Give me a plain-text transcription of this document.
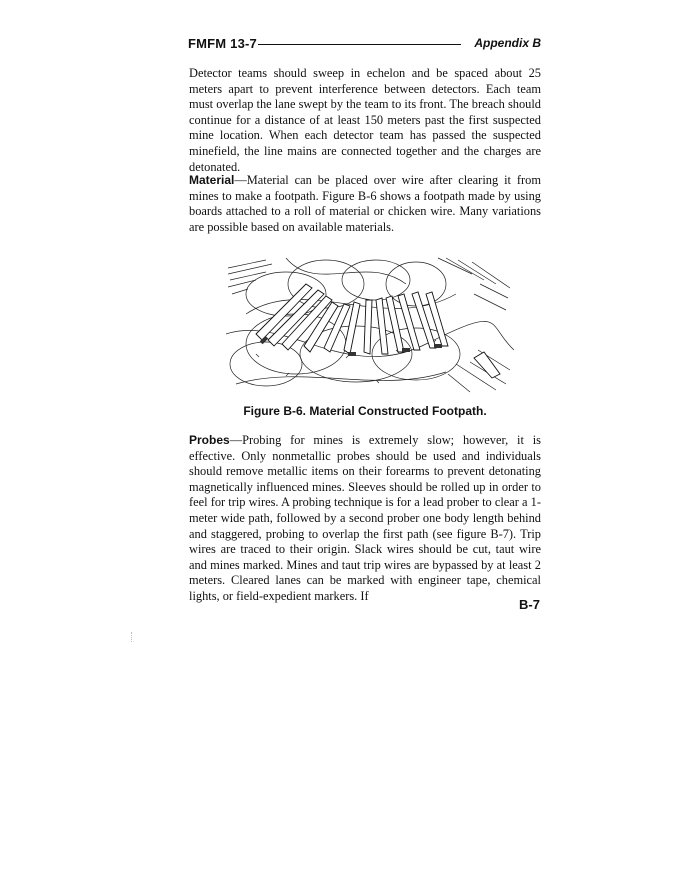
FMFM 13-7	Appendix B

Detector teams should sweep in echelon and be spaced about 25 meters apart to prevent interference between detectors. Each team must overlap the lane swept by the team to its front. The breach should continue for a distance of at least 150 meters past the first suspected mine location. When each detector team has passed the suspected minefield, the line mains are connected together and the charges are detonated.

Material—Material can be placed over wire after clearing it from mines to make a footpath. Figure B-6 shows a footpath made by using boards attached to a roll of material or chicken wire. Many variations are possible based on available materials.

Figure B-6. Material Constructed Footpath.

Probes—Probing for mines is extremely slow; however, it is effective. Only nonmetallic probes should be used and individuals should remove metallic items on their forearms to prevent detonating magnetically influenced mines. Sleeves should be rolled up in order to feel for trip wires. A probing technique is for a lead prober to clear a 1-meter wide path, followed by a second prober one body length behind and staggered, probing to overlap the first path (see figure B-7). Trip wires are traced to their origin. Slack wires should be cut, taut wire and mines marked. Mines and taut trip wires are bypassed by at least 2 meters. Cleared lanes can be marked with engineer tape, chemical lights, or field-expedient markers. If

B-7
